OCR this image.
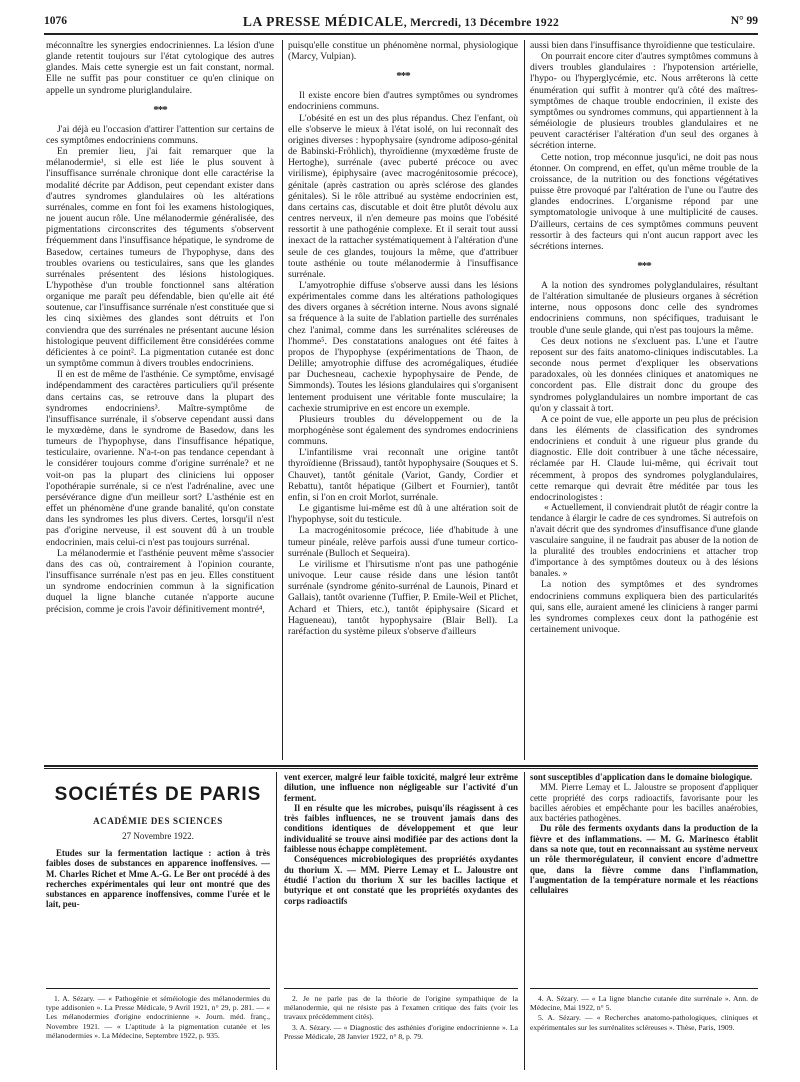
1076	LA PRESSE MÉDICALE, Mercredi, 13 Décembre 1922	N° 99

méconnaître les synergies endocriniennes. La lésion d'une glande retentit toujours sur l'état cytologique des autres glandes. Mais cette synergie est un fait constant, normal. Elle ne suffit pas pour constituer ce qu'en clinique on appelle un syndrome pluriglandulaire.

***

J'ai déjà eu l'occasion d'attirer l'attention sur certains de ces symptômes endocriniens communs.

En premier lieu, j'ai fait remarquer que la mélanodermie¹, si elle est liée le plus souvent à l'insuffisance surrénale chronique dont elle caractérise la modalité décrite par Addison, peut cependant exister dans d'autres syndromes glandulaires où les altérations surrénales, comme en font foi les examens histologiques, ne jouent aucun rôle. Une mélanodermie généralisée, des pigmentations circonscrites des téguments s'observent fréquemment dans l'insuffisance hépatique, le syndrome de Basedow, certaines tumeurs de l'hypophyse, dans des troubles ovariens ou testiculaires, sans que les glandes surrénales présentent des lésions histologiques. L'hypothèse d'un trouble fonctionnel sans altération organique me paraît peu défendable, bien qu'elle ait été soutenue, car l'insuffisance surrénale n'est constituée que si les cinq sixièmes des glandes sont détruits et l'on conviendra que des surrénales ne présentant aucune lésion histologique peuvent difficilement être considérées comme déficientes à ce point². La pigmentation cutanée est donc un symptôme commun à divers troubles endocriniens.

Il en est de même de l'asthénie. Ce symptôme, envisagé indépendamment des caractères particuliers qu'il présente dans certains cas, se retrouve dans la plupart des syndromes endocriniens³. Maître-symptôme de l'insuffisance surrénale, il s'observe cependant aussi dans le myxœdème, dans le syndrome de Basedow, dans les tumeurs de l'hypophyse, dans l'insuffisance hépatique, testiculaire, ovarienne. N'a-t-on pas tendance cependant à le considérer toujours comme d'origine surrénale? et ne voit-on pas la plupart des cliniciens lui opposer l'opothérapie surrénale, si ce n'est l'adrénaline, avec une persévérance digne d'un meilleur sort? L'asthénie est en effet un phénomène d'une grande banalité, qu'on constate dans les syndromes les plus divers. Certes, lorsqu'il n'est pas d'origine nerveuse, il est souvent dû à un trouble endocrinien, mais celui-ci n'est pas toujours surrénal.

La mélanodermie et l'asthénie peuvent même s'associer dans des cas où, contrairement à l'opinion courante, l'insuffisance surrénale n'est pas en jeu. Elles constituent un syndrome endocrinien commun à la signification duquel la ligne blanche cutanée n'apporte aucune précision, comme je crois l'avoir définitivement montré⁴,

puisqu'elle constitue un phénomène normal, physiologique (Marcy, Vulpian).

***

Il existe encore bien d'autres symptômes ou syndromes endocriniens communs.

L'obésité en est un des plus répandus. Chez l'enfant, où elle s'observe le mieux à l'état isolé, on lui reconnaît des origines diverses : hypophysaire (syndrome adiposo-génital de Babinski-Fröhlich), thyroïdienne (myxœdème fruste de Hertoghe), surrénale (avec puberté précoce ou avec virilisme), épiphysaire (avec macrogénitosomie précoce), génitale (après castration ou après sclérose des glandes génitales). Si le rôle attribué au système endocrinien est, dans certains cas, discutable et doit être plutôt dévolu aux centres nerveux, il n'en demeure pas moins que l'obésité ressortit à une pathogénie complexe. Et il serait tout aussi inexact de la rattacher systématiquement à l'altération d'une seule de ces glandes, toujours la même, que d'attribuer toute asthénie ou toute mélanodermie à l'insuffisance surrénale.

L'amyotrophie diffuse s'observe aussi dans les lésions expérimentales comme dans les altérations pathologiques des divers organes à sécrétion interne. Nous avons signalé sa fréquence à la suite de l'ablation partielle des surrénales chez l'animal, comme dans les surrénalites scléreuses de l'homme⁵. Des constatations analogues ont été faites à propos de l'hypophyse (expérimentations de Thaon, de Delille; amyotrophie diffuse des acromégaliques, étudiée par Duchesneau, cachexie hypophysaire de Pende, de Simmonds). Toutes les lésions glandulaires qui s'organisent lentement produisent une véritable fonte musculaire; la cachexie strumiprive en est encore un exemple.

Plusieurs troubles du développement ou de la morphogénèse sont également des syndromes endocriniens communs.

L'infantilisme vrai reconnaît une origine tantôt thyroïdienne (Brissaud), tantôt hypophysaire (Souques et S. Chauvet), tantôt génitale (Variot, Gandy, Cordier et Rebattu), tantôt hépatique (Gilbert et Fournier), tantôt enfin, si l'on en croit Morlot, surrénale.

Le gigantisme lui-même est dû à une altération soit de l'hypophyse, soit du testicule.

La macrogénitosomie précoce, liée d'habitude à une tumeur pinéale, relève parfois aussi d'une tumeur cortico-surrénale (Bulloch et Sequeira).

Le virilisme et l'hirsutisme n'ont pas une pathogénie univoque. Leur cause réside dans une lésion tantôt surrénale (syndrome génito-surrénal de Launois, Pinard et Gallais), tantôt ovarienne (Tuffier, P. Emile-Weil et Plichet, Achard et Thiers, etc.), tantôt épiphysaire (Sicard et Hagueneau), tantôt hypophysaire (Blair Bell). La raréfaction du système pileux s'observe d'ailleurs

aussi bien dans l'insuffisance thyroïdienne que testiculaire.

On pourrait encore citer d'autres symptômes communs à divers troubles glandulaires : l'hypotension artérielle, l'hypo- ou l'hyperglycémie, etc. Nous arrêterons là cette énumération qui suffit à montrer qu'à côté des maîtres-symptômes de chaque trouble endocrinien, il existe des symptômes ou syndromes communs, qui appartiennent à la séméiologie de plusieurs troubles glandulaires et ne peuvent caractériser l'altération d'un seul des organes à sécrétion interne.

Cette notion, trop méconnue jusqu'ici, ne doit pas nous étonner. On comprend, en effet, qu'un même trouble de la croissance, de la nutrition ou des fonctions végétatives puisse être provoqué par l'altération de l'une ou l'autre des glandes endocrines. L'organisme répond par une symptomatologie univoque à une multiplicité de causes. D'ailleurs, certains de ces symptômes communs peuvent ressortir à des facteurs qui n'ont aucun rapport avec les sécrétions internes.

***

A la notion des syndromes polyglandulaires, résultant de l'altération simultanée de plusieurs organes à sécrétion interne, nous opposons donc celle des syndromes endocriniens communs, non spécifiques, traduisant le trouble d'une seule glande, qui n'est pas toujours la même.

Ces deux notions ne s'excluent pas. L'une et l'autre reposent sur des faits anatomo-cliniques indiscutables. La seconde nous permet d'expliquer les observations paradoxales, où les données cliniques et anatomiques ne concordent pas. Elle distrait donc du groupe des syndromes polyglandulaires un nombre important de cas qu'on y classait à tort.

A ce point de vue, elle apporte un peu plus de précision dans les éléments de classification des syndromes endocriniens et conduit à une rigueur plus grande du diagnostic. Elle doit contribuer à une tâche nécessaire, réclamée par H. Claude lui-même, qui écrivait tout récemment, à propos des syndromes polyglandulaires, cette remarque qui devrait être méditée par tous les endocrinologistes :

« Actuellement, il conviendrait plutôt de réagir contre la tendance à élargir le cadre de ces syndromes. Si autrefois on n'avait décrit que des syndromes d'insuffisance d'une glande vasculaire sanguine, il ne faudrait pas abuser de la notion de la pluralité des troubles endocriniens et attacher trop d'importance à des symptômes douteux ou à des lésions banales. »

La notion des symptômes et des syndromes endocriniens communs expliquera bien des particularités qui, sans elle, auraient amené les cliniciens à ranger parmi les syndromes complexes ceux dont la pathogénie est certainement univoque.

SOCIÉTÉS DE PARIS
ACADÉMIE DES SCIENCES
27 Novembre 1922.

Etudes sur la fermentation lactique : action à très faibles doses de substances en apparence inoffensives. — M. Charles Richet et Mme A.-G. Le Ber ont procédé à des recherches expérimentales qui leur ont montré que des substances en apparence inoffensives, comme l'urée et le lait, peu-

vent exercer, malgré leur faible toxicité, malgré leur extrême dilution, une influence non négligeable sur l'activité d'un ferment.

Il en résulte que les microbes, puisqu'ils réagissent à ces très faibles influences, ne se trouvent jamais dans des conditions identiques de développement et que leur individualité se trouve ainsi modifiée par des actions dont la faiblesse nous échappe complètement.

Conséquences microbiologiques des propriétés oxydantes du thorium X. — MM. Pierre Lemay et L. Jaloustre ont étudié l'action du thorium X sur les bacilles lactique et butyrique et ont constaté que les propriétés oxydantes des corps radioactifs

sont susceptibles d'application dans le domaine biologique.

MM. Pierre Lemay et L. Jaloustre se proposent d'appliquer cette propriété des corps radioactifs, favorisante pour les bacilles aérobies et empêchante pour les bacilles anaérobies, aux bactéries pathogènes.

Du rôle des ferments oxydants dans la production de la fièvre et des inflammations. — M. G. Marinesco établit dans sa note que, tout en reconnaissant au système nerveux un rôle thermorégulateur, il convient encore d'admettre que, dans la fièvre comme dans l'inflammation, l'augmentation de la température normale et les réactions cellulaires

1. A. Sézary. — « Pathogénie et séméiologie des mélanodermies du type addisonien ». La Presse Médicale, 9 Avril 1921, n° 29, p. 281. — « Les mélanodermies d'origine endocrinienne ». Journ. méd. franç., Novembre 1921. — « L'aptitude à la pigmentation cutanée et les mélanodermies ». La Médecine, Septembre 1922, p. 935.

2. Je ne parle pas de la théorie de l'origine sympathique de la mélanodermie, qui ne résiste pas à l'examen critique des faits (voir les travaux précédemment cités).

3. A. Sézary. — « Diagnostic des asthénies d'origine endocrinienne ». La Presse Médicale, 28 Janvier 1922, n° 8, p. 79.

4. A. Sézary. — « La ligne blanche cutanée dite surrénale ». Ann. de Médecine, Mai 1922, n° 5.

5. A. Sézary. — « Recherches anatomo-pathologiques, cliniques et expérimentales sur les surrénalites scléreuses ». Thèse, Paris, 1909.
